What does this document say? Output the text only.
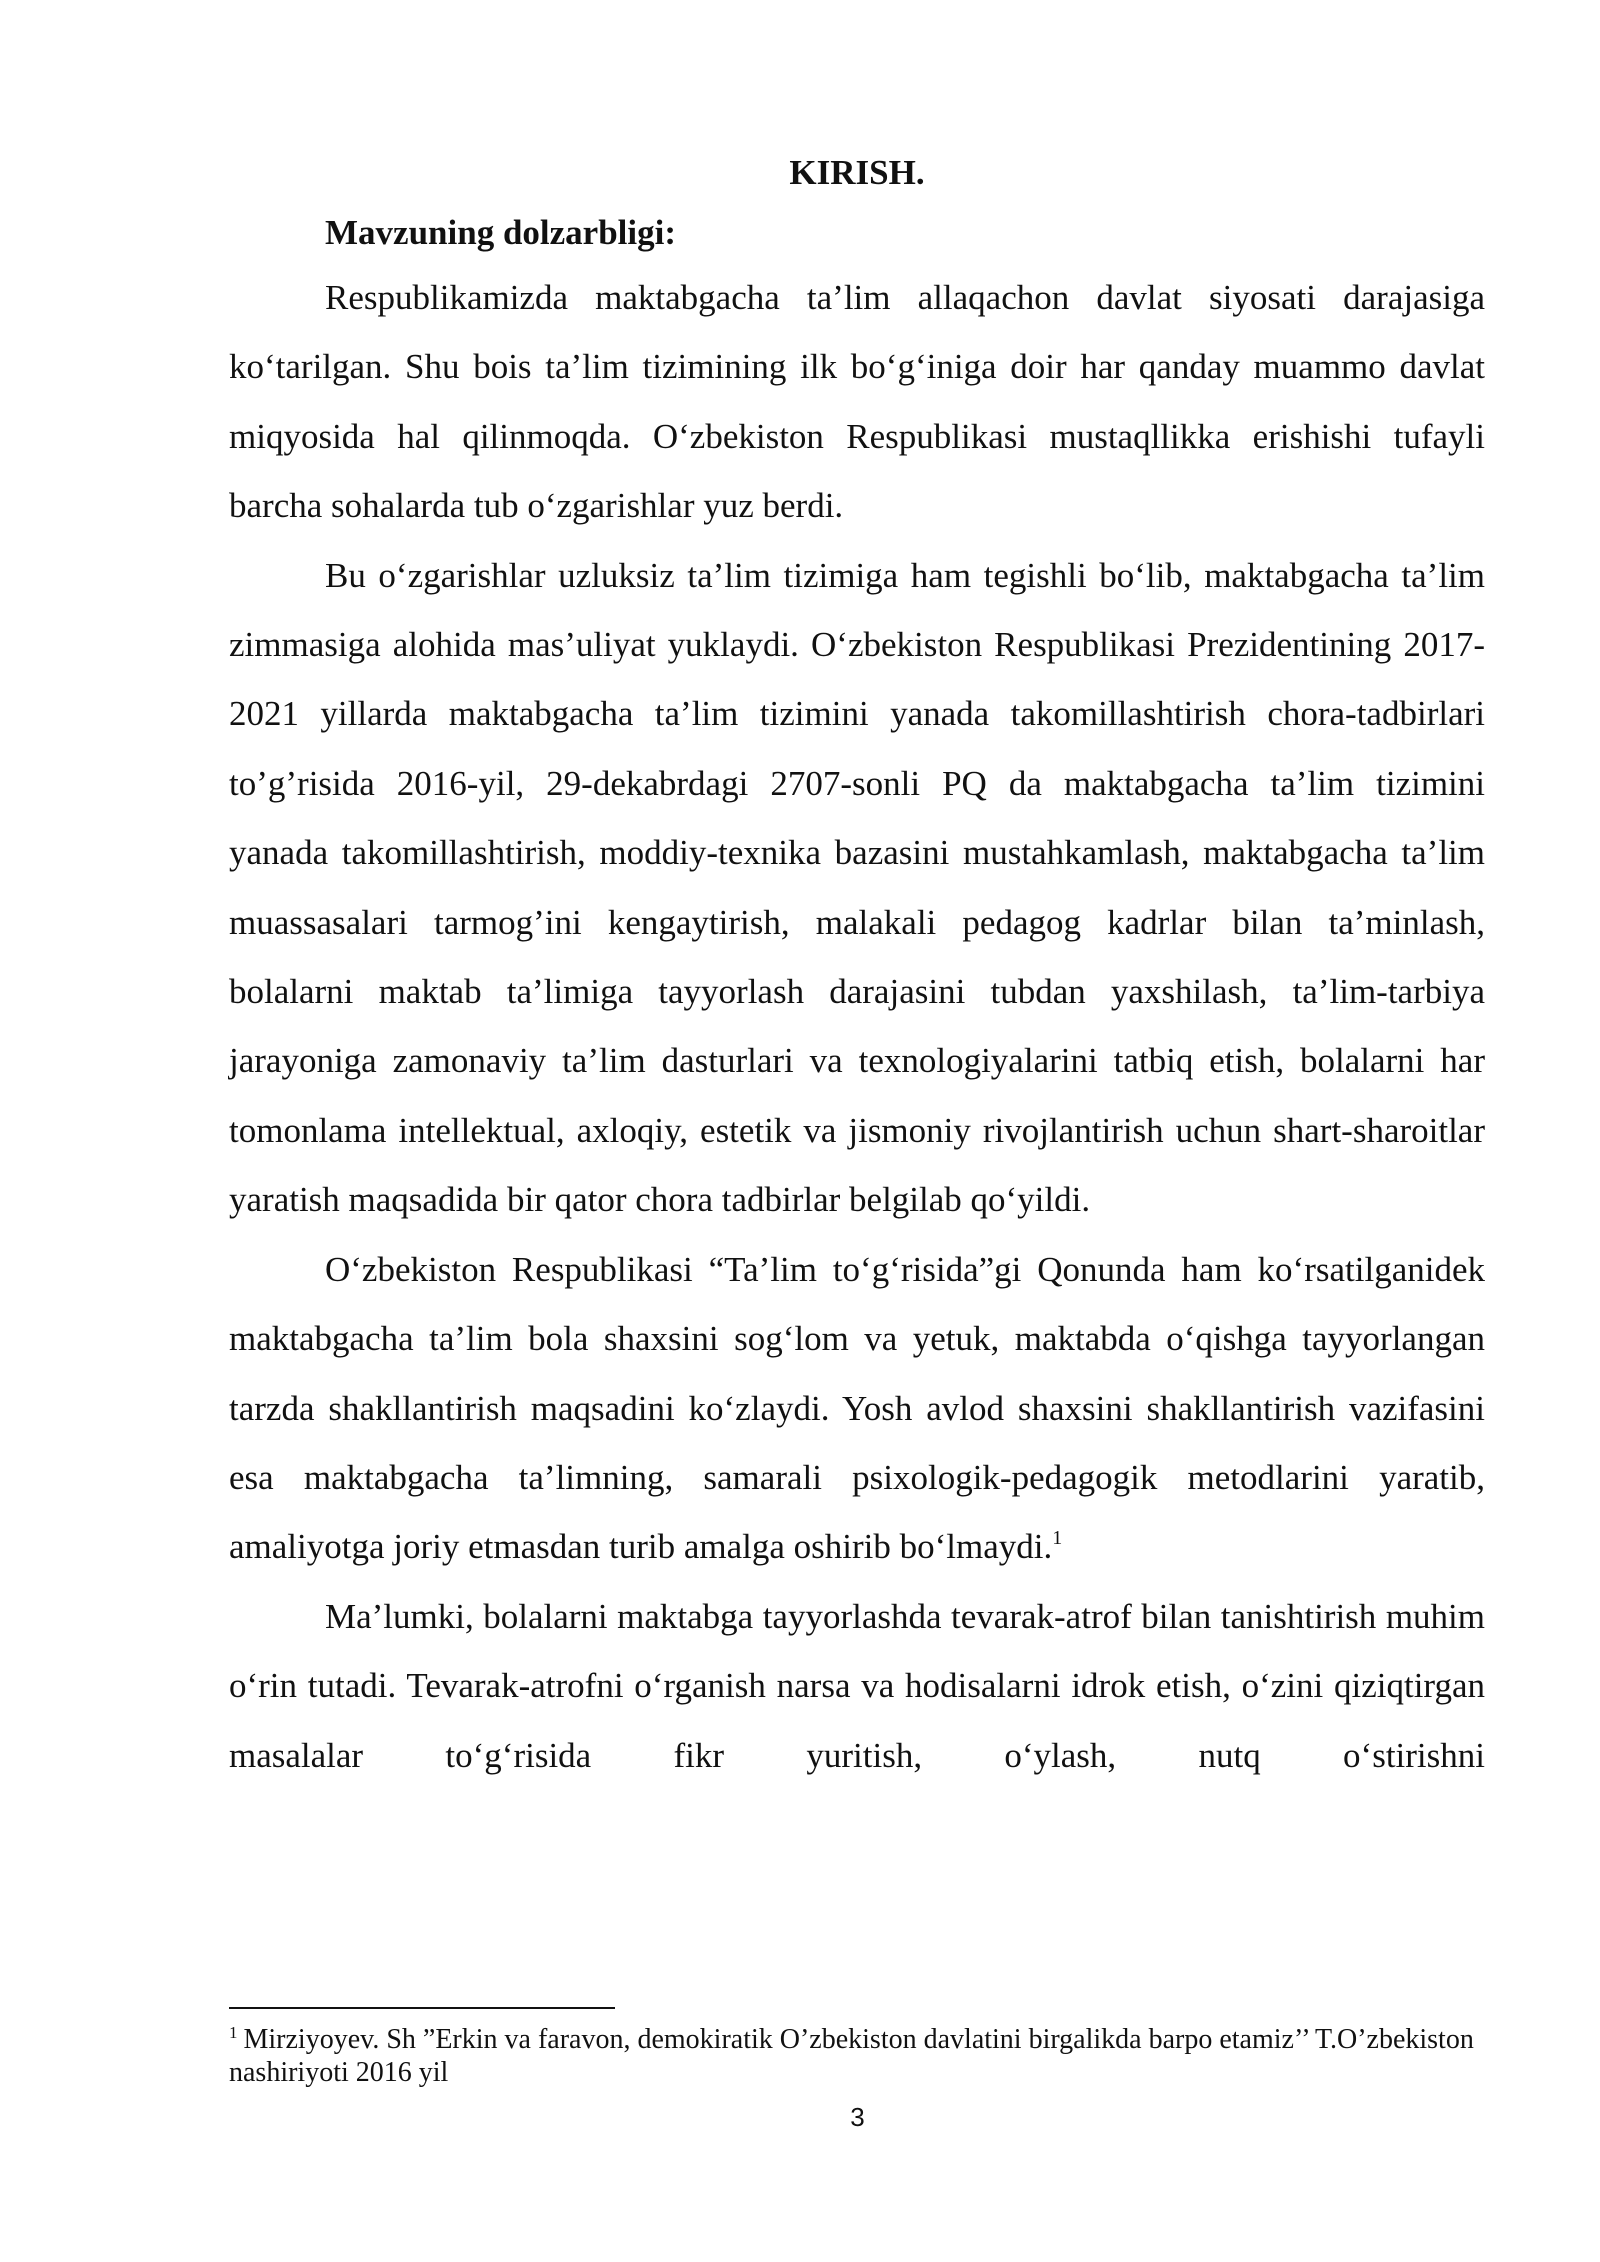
KIRISH.
Mavzuning dolzarbligi:

Respublikamizda maktabgacha ta’lim allaqachon davlat siyosati darajasiga ko‘tarilgan. Shu bois ta’lim tizimining ilk bo‘g‘iniga doir har qanday muammo davlat miqyosida hal qilinmoqda. O‘zbekiston Respublikasi mustaqllikka erishishi tufayli barcha sohalarda tub o‘zgarishlar yuz berdi.

Bu o‘zgarishlar uzluksiz ta’lim tizimiga ham tegishli bo‘lib, maktabgacha ta’lim zimmasiga alohida mas’uliyat yuklaydi. O‘zbekiston Respublikasi Prezidentining 2017-2021 yillarda maktabgacha ta’lim tizimini yanada takomillashtirish chora-tadbirlari to’g’risida 2016-yil, 29-dekabrdagi 2707-sonli PQ da maktabgacha ta’lim tizimini yanada takomillashtirish, moddiy-texnika bazasini mustahkamlash, maktabgacha ta’lim muassasalari tarmog’ini kengaytirish, malakali pedagog kadrlar bilan ta’minlash, bolalarni maktab ta’limiga tayyorlash darajasini tubdan yaxshilash, ta’lim-tarbiya jarayoniga zamonaviy ta’lim dasturlari va texnologiyalarini tatbiq etish, bolalarni har tomonlama intellektual, axloqiy, estetik va jismoniy rivojlantirish uchun shart-sharoitlar yaratish maqsadida bir qator chora tadbirlar belgilab qo‘yildi.

O‘zbekiston Respublikasi “Ta’lim to‘g‘risida”gi Qonunda ham ko‘rsatilganidek maktabgacha ta’lim bola shaxsini sog‘lom va yetuk, maktabda o‘qishga tayyorlangan tarzda shakllantirish maqsadini ko‘zlaydi. Yosh avlod shaxsini shakllantirish vazifasini esa maktabgacha ta’limning, samarali psixologik-pedagogik metodlarini yaratib, amaliyotga joriy etmasdan turib amalga oshirib bo‘lmaydi.$^1$

Ma’lumki, bolalarni maktabga tayyorlashda tevarak-atrof bilan tanishtirish muhim o‘rin tutadi. Tevarak-atrofni o‘rganish narsa va hodisalarni idrok etish, o‘zini qiziqtirgan masalalar to‘g‘risida fikr yuritish, o‘ylash, nutq o‘stirishni

$^1$ Mirziyoyev. Sh ”Erkin va faravon, demokiratik O’zbekiston davlatini birgalikda barpo etamiz’’ T.O’zbekiston nashiriyoti 2016 yil

3
